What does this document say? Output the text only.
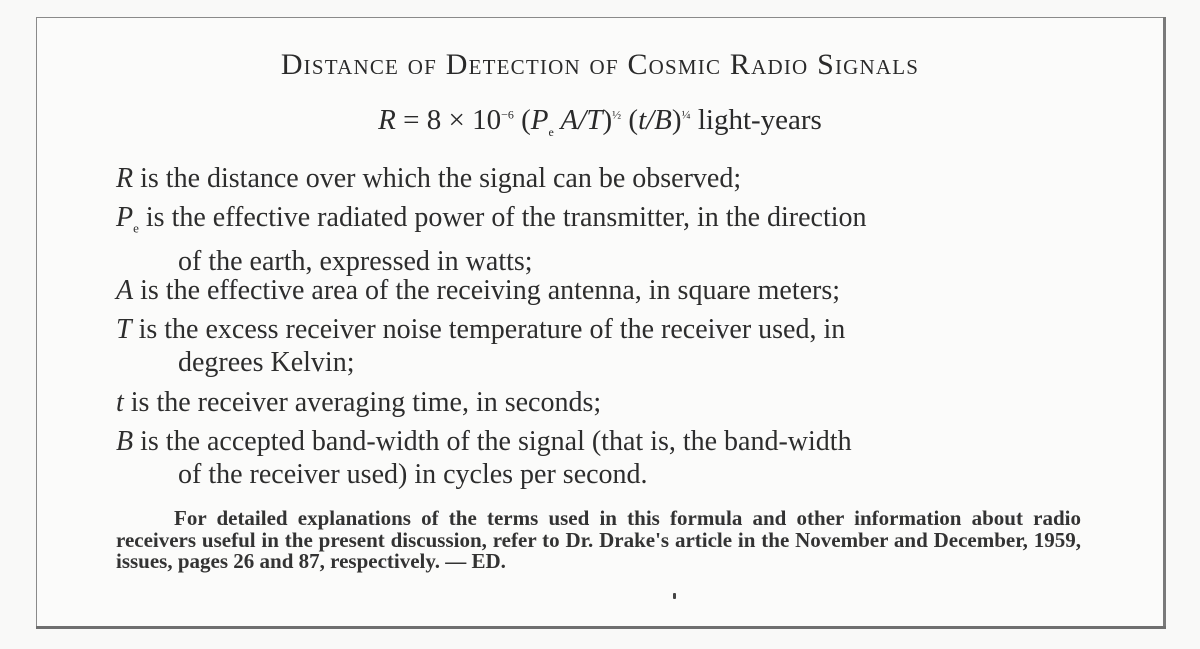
Distance of Detection of Cosmic Radio Signals
$R = 8 \times 10^{-6}$ ($P_e$ A/T)$^{\frac{1}{2}}$ $(t/B)^{\frac{1}{4}}$ light-years
R is the distance over which the signal can be observed;
$P_e$ is the effective radiated power of the transmitter, in the direction
of the earth, expressed in watts;
A is the effective area of the receiving antenna, in square meters;
T is the excess receiver noise temperature of the receiver used, in
degrees Kelvin;
t is the receiver averaging time, in seconds;
B is the accepted band-width of the signal (that is, the band-width
of the receiver used) in cycles per second.
For detailed explanations of the terms used in this formula and other information about radio receivers useful in the present discussion, refer to Dr. Drake's article in the November and December, 1959, issues, pages 26 and 87, respectively. — ED.
